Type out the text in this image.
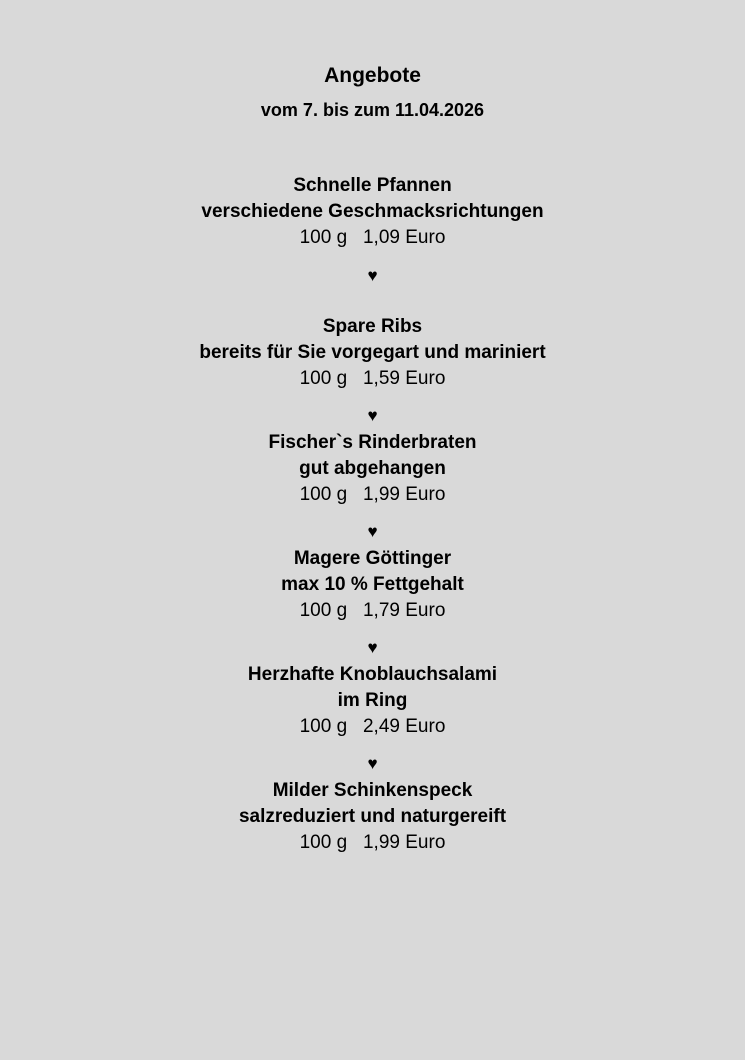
Angebote
vom 7. bis zum 11.04.2026
Schnelle Pfannen
verschiedene Geschmacksrichtungen
100 g   1,09 Euro
♥
Spare Ribs
bereits für Sie vorgegart und mariniert
100 g   1,59 Euro
♥
Fischer`s Rinderbraten
gut abgehangen
100 g   1,99 Euro
♥
Magere Göttinger
max 10 % Fettgehalt
100 g   1,79 Euro
♥
Herzhafte Knoblauchsalami
im Ring
100 g   2,49 Euro
♥
Milder Schinkenspeck
salzreduziert und naturgereift
100 g   1,99 Euro
